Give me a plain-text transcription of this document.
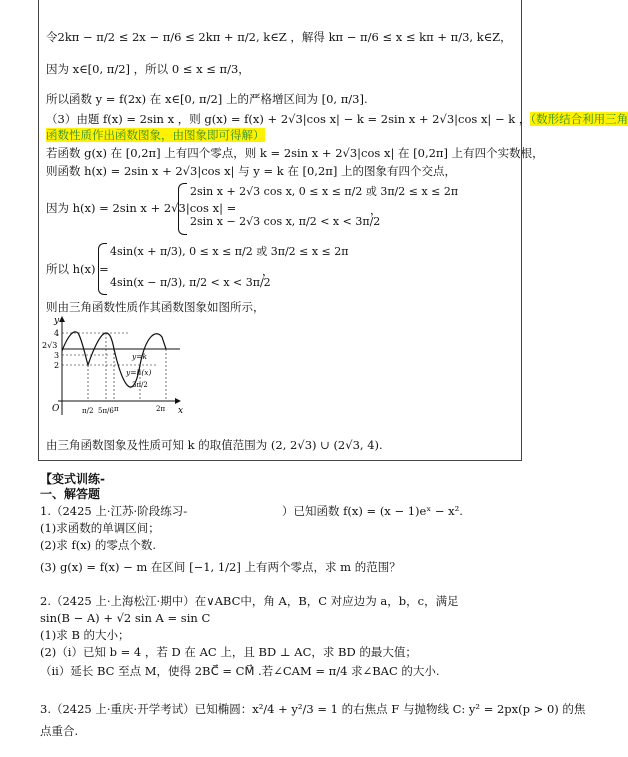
令2kπ − π/2 ≤ 2x − π/6 ≤ 2kπ + π/2, k∈Z ，解得 kπ − π/6 ≤ x ≤ kπ + π/3, k∈Z，
因为 x∈[0, π/2] ，所以 0 ≤ x ≤ π/3，
所以函数 y = f(2x) 在 x∈[0, π/2] 上的严格增区间为 [0, π/3].
（3）由题 f(x) = 2sin x ，则 g(x) = f(x) + 2√3|cos x| − k = 2sin x + 2√3|cos x| − k ，（数形结合利用三角
函数性质作出函数图象，由图象即可得解）
若函数 g(x) 在 [0,2π] 上有四个零点，则 k = 2sin x + 2√3|cos x| 在 [0,2π] 上有四个实数根，
则函数 h(x) = 2sin x + 2√3|cos x| 与 y = k 在 [0,2π] 上的图象有四个交点，
因为 h(x) = 2sin x + 2√3|cos x| =
2sin x + 2√3 cos x, 0 ≤ x ≤ π/2 或 3π/2 ≤ x ≤ 2π
2sin x − 2√3 cos x, π/2 < x < 3π/2
，
所以 h(x) =
4sin(x + π/3), 0 ≤ x ≤ π/2 或 3π/2 ≤ x ≤ 2π
4sin(x − π/3), π/2 < x < 3π/2
，
则由三角函数性质作其函数图象如图所示，
y
x
O
4
2√3
3
2
π/2 5π/6 π
3π/2
2π
y=k
y=h(x)
由三角函数图象及性质可知 k 的取值范围为 (2, 2√3) ∪ (2√3, 4).
【变式训练-
一、解答题
1.（2425 上·江苏·阶段练习-	）已知函数 f(x) = (x − 1)eˣ − x².
(1)求函数的单调区间；
(2)求 f(x) 的零点个数.
(3) g(x) = f(x) − m 在区间 [−1, 1/2] 上有两个零点，求 m 的范围？
2.（2425 上·上海松江·期中）在∨ABC中，角 A，B，C 对应边为 a，b，c，满足
sin(B − A) + √2 sin A = sin C
(1)求 B 的大小；
(2)（i）已知 b = 4 ，若 D 在 AC 上，且 BD ⊥ AC，求 BD 的最大值；
（ii）延长 BC 至点 M，使得 2BC⃗ = CM⃗ .若∠CAM = π/4 求∠BAC 的大小.
3.（2425 上·重庆·开学考试）已知椭圆：x²/4 + y²/3 = 1 的右焦点 F 与抛物线 C: y² = 2px(p > 0) 的焦
点重合.
